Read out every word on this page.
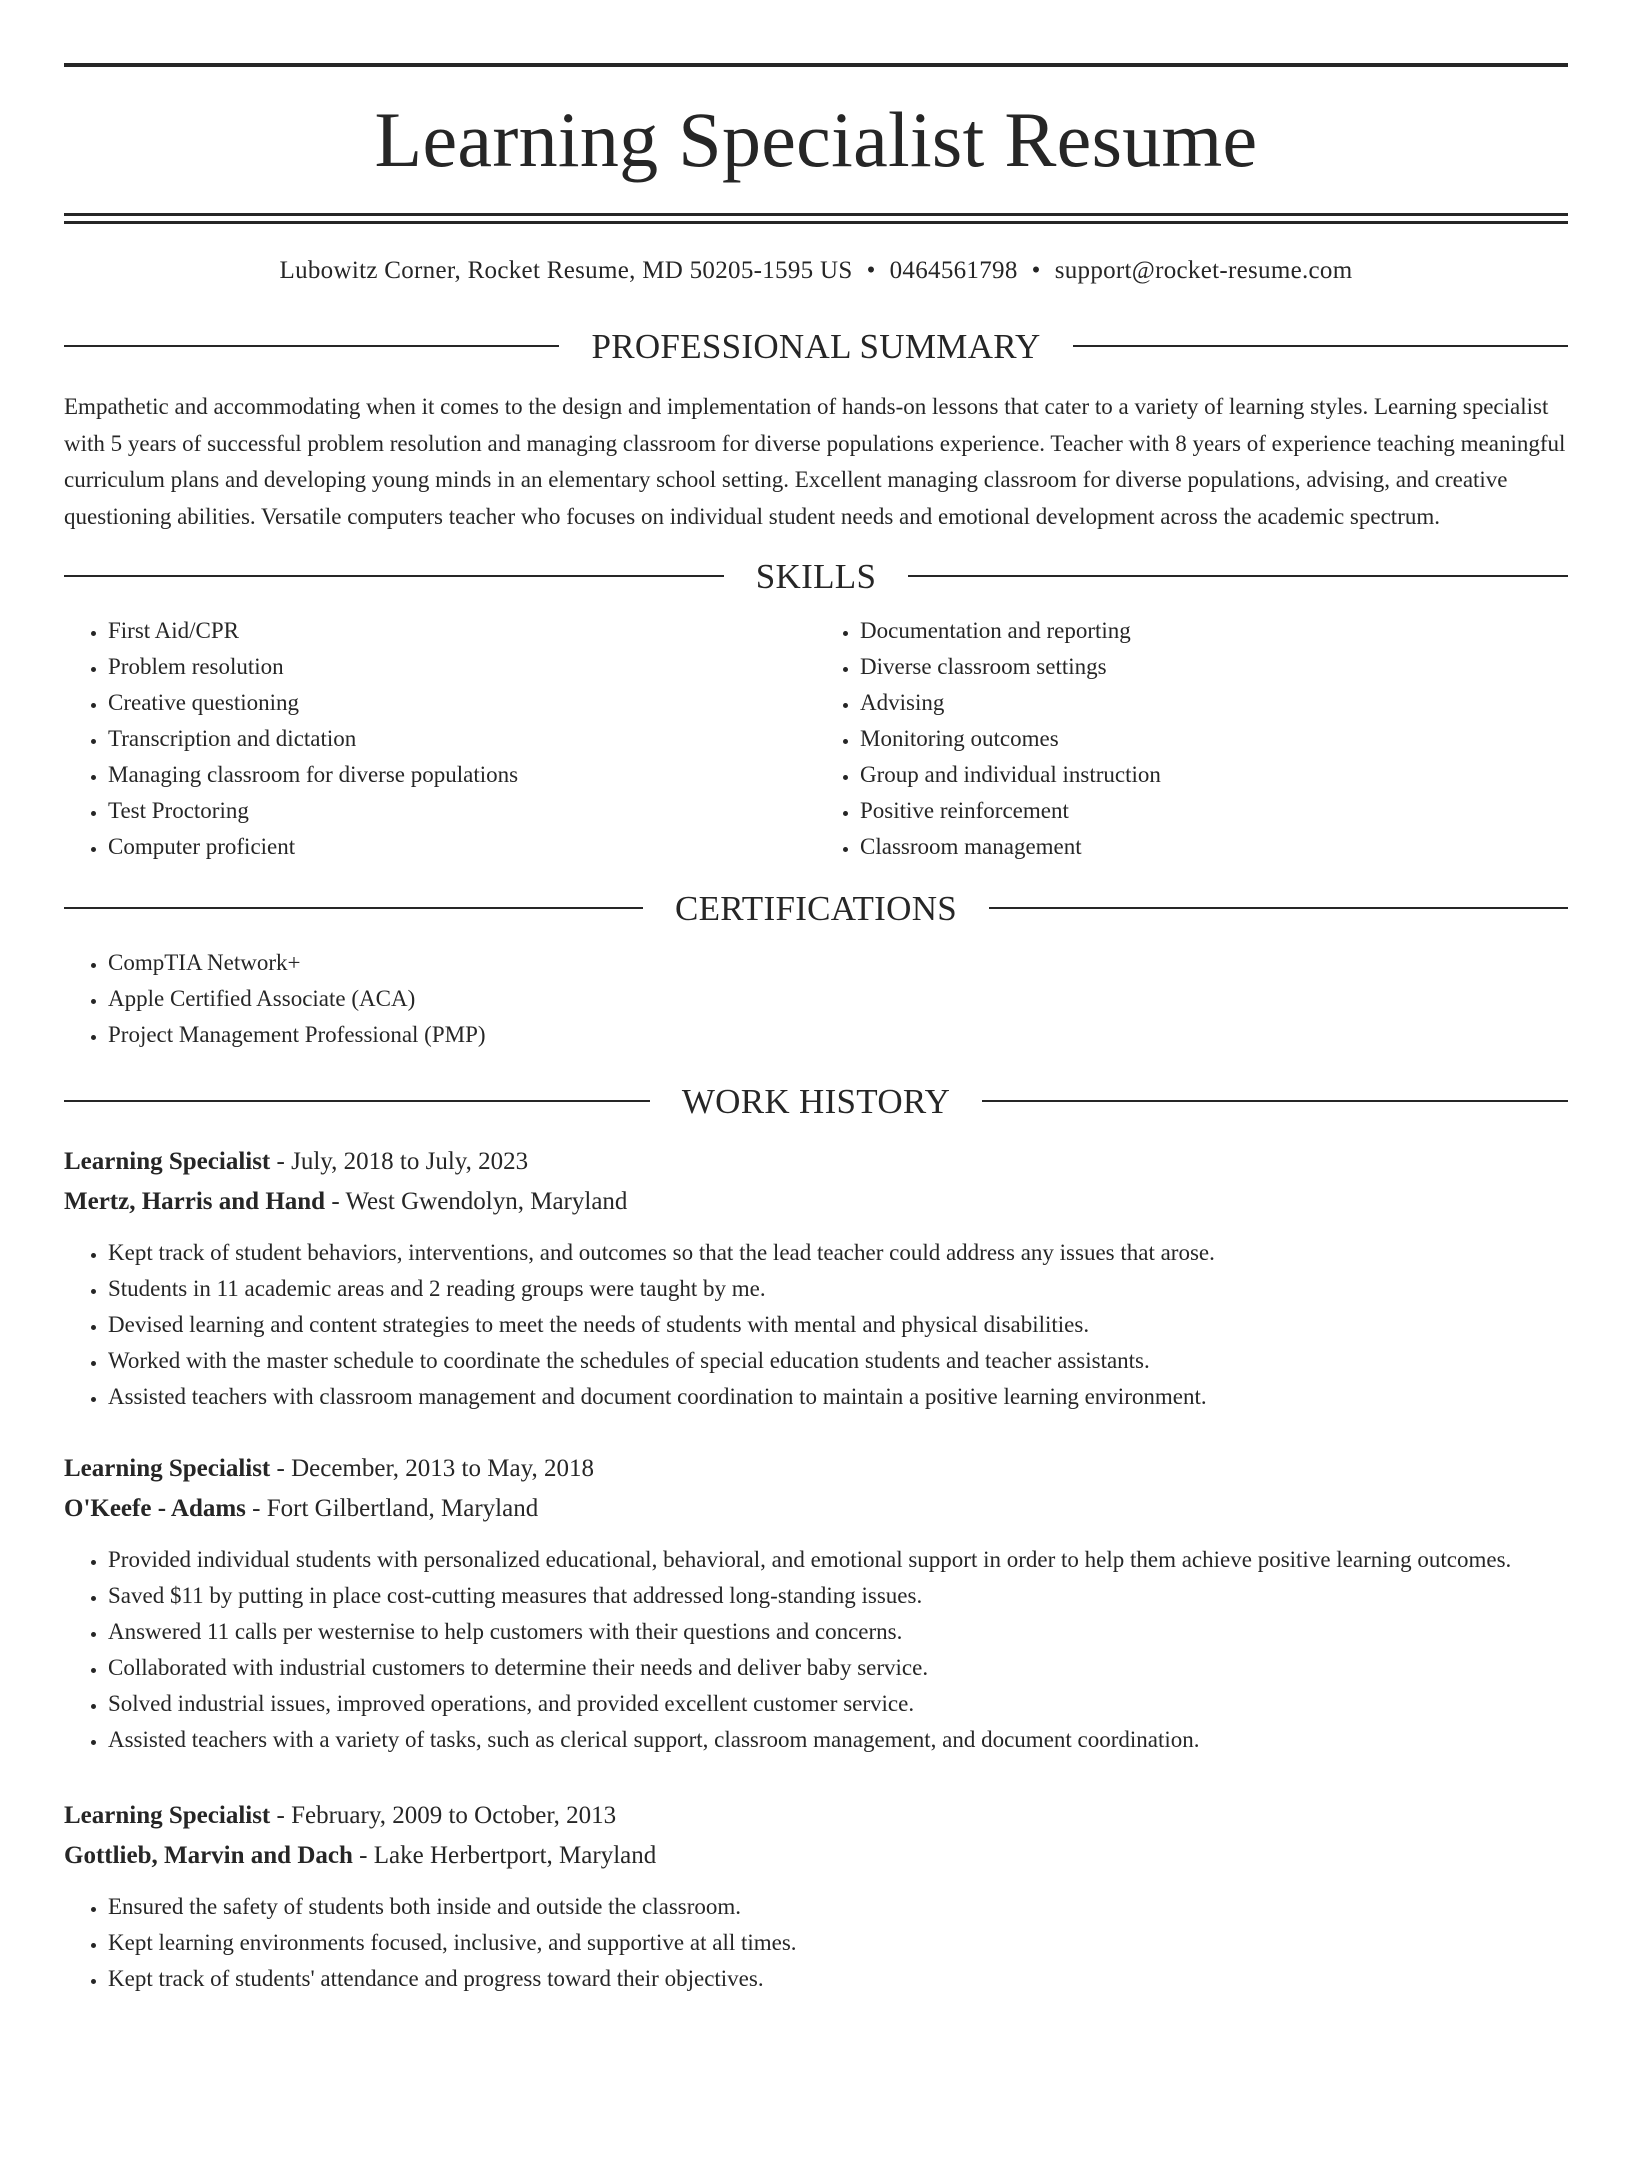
Learning Specialist Resume
Lubowitz Corner, Rocket Resume, MD 50205-1595 US • 0464561798 • support@rocket-resume.com
PROFESSIONAL SUMMARY

Empathetic and accommodating when it comes to the design and implementation of hands-on lessons that cater to a variety of learning styles. Learning specialist with 5 years of successful problem resolution and managing classroom for diverse populations experience. Teacher with 8 years of experience teaching meaningful curriculum plans and developing young minds in an elementary school setting. Excellent managing classroom for diverse populations, advising, and creative questioning abilities. Versatile computers teacher who focuses on individual student needs and emotional development across the academic spectrum.

SKILLS
• First Aid/CPR
• Problem resolution
• Creative questioning
• Transcription and dictation
• Managing classroom for diverse populations
• Test Proctoring
• Computer proficient
• Documentation and reporting
• Diverse classroom settings
• Advising
• Monitoring outcomes
• Group and individual instruction
• Positive reinforcement
• Classroom management
CERTIFICATIONS
• CompTIA Network+
• Apple Certified Associate (ACA)
• Project Management Professional (PMP)
WORK HISTORY
Learning Specialist - July, 2018 to July, 2023
Mertz, Harris and Hand - West Gwendolyn, Maryland
• Kept track of student behaviors, interventions, and outcomes so that the lead teacher could address any issues that arose.
• Students in 11 academic areas and 2 reading groups were taught by me.
• Devised learning and content strategies to meet the needs of students with mental and physical disabilities.
• Worked with the master schedule to coordinate the schedules of special education students and teacher assistants.
• Assisted teachers with classroom management and document coordination to maintain a positive learning environment.
Learning Specialist - December, 2013 to May, 2018
O'Keefe - Adams - Fort Gilbertland, Maryland
• Provided individual students with personalized educational, behavioral, and emotional support in order to help them achieve positive learning outcomes.
• Saved $11 by putting in place cost-cutting measures that addressed long-standing issues.
• Answered 11 calls per westernise to help customers with their questions and concerns.
• Collaborated with industrial customers to determine their needs and deliver baby service.
• Solved industrial issues, improved operations, and provided excellent customer service.
• Assisted teachers with a variety of tasks, such as clerical support, classroom management, and document coordination.
Learning Specialist - February, 2009 to October, 2013
Gottlieb, Marvin and Dach - Lake Herbertport, Maryland
• Ensured the safety of students both inside and outside the classroom.
• Kept learning environments focused, inclusive, and supportive at all times.
• Kept track of students' attendance and progress toward their objectives.
